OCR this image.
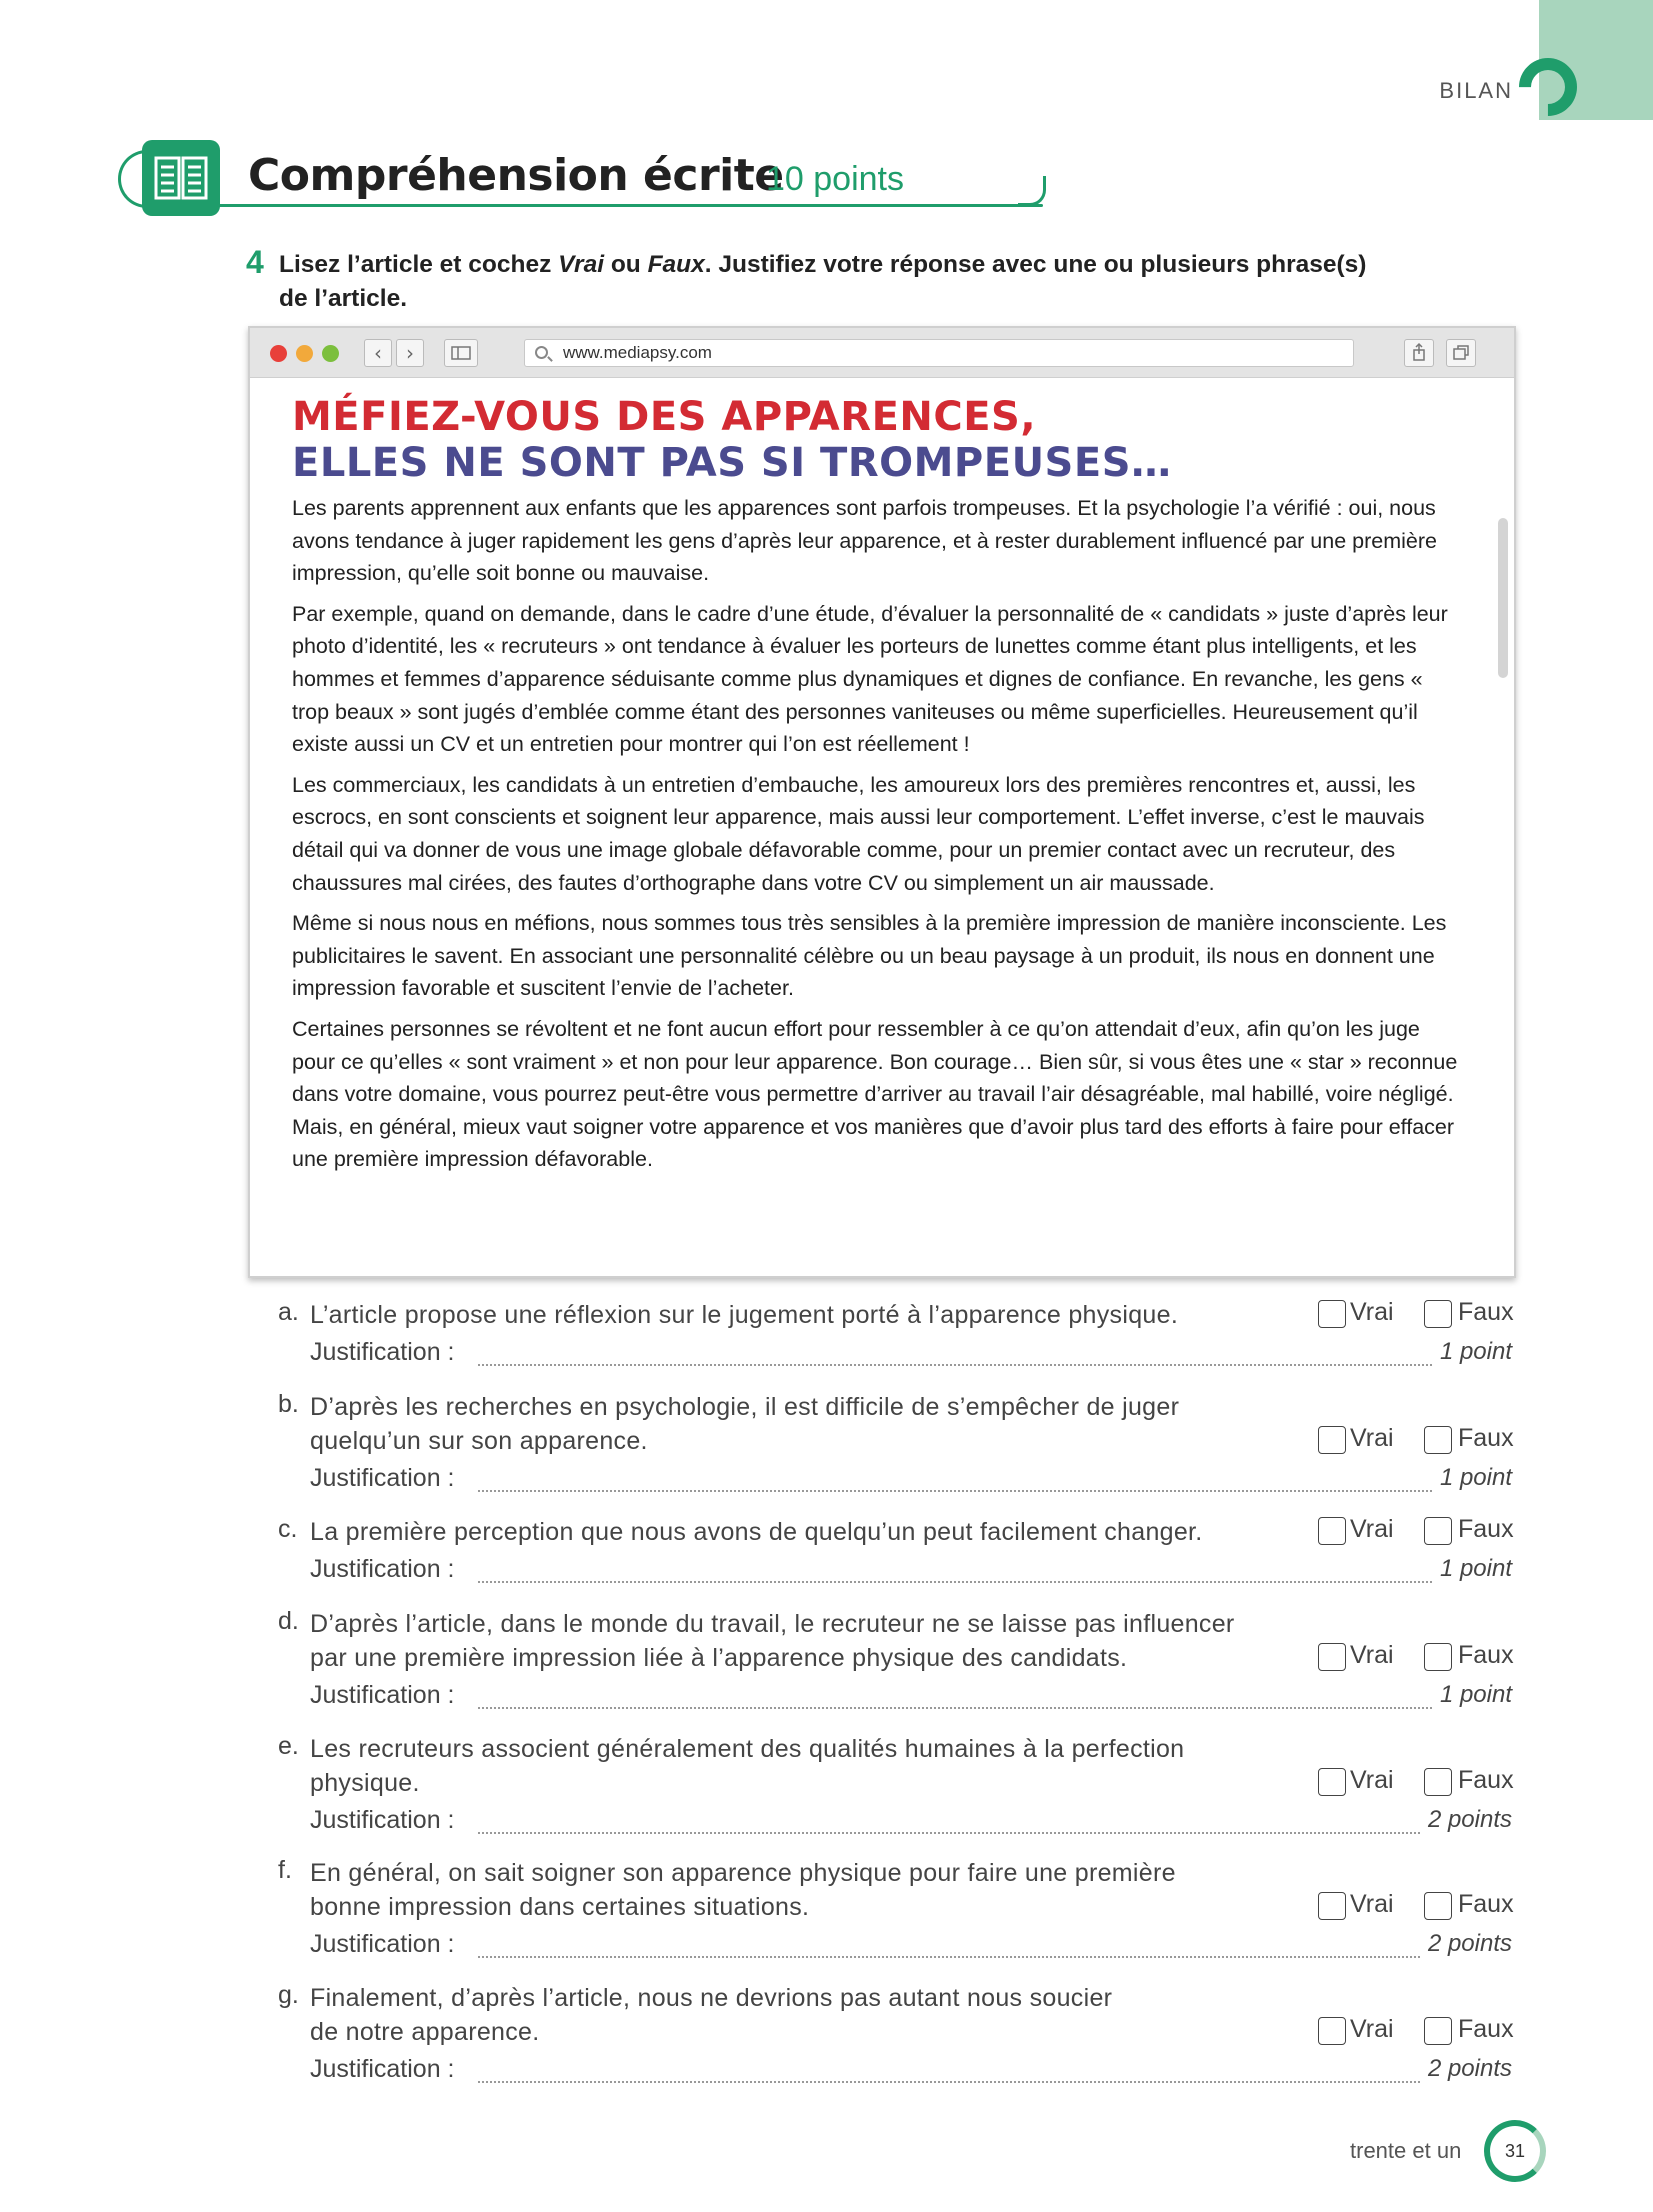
BILAN
Compréhension écrite
10 points
4 Lisez l’article et cochez Vrai ou Faux. Justifiez votre réponse avec une ou plusieurs phrase(s)
de l’article.
‹	›	www.mediapsy.com
MÉFIEZ-VOUS DES APPARENCES,
ELLES NE SONT PAS SI TROMPEUSES…

Les parents apprennent aux enfants que les apparences sont parfois trompeuses. Et la psychologie l’a vérifié : oui, nous avons tendance à juger rapidement les gens d’après leur apparence, et à rester durablement influencé par une première impression, qu’elle soit bonne ou mauvaise.

Par exemple, quand on demande, dans le cadre d’une étude, d’évaluer la personnalité de « candidats » juste d’après leur photo d’identité, les « recruteurs » ont tendance à évaluer les porteurs de lunettes comme étant plus intelligents, et les hommes et femmes d’apparence séduisante comme plus dynamiques et dignes de confiance. En revanche, les gens « trop beaux » sont jugés d’emblée comme étant des personnes vaniteuses ou même superficielles. Heureusement qu’il existe aussi un CV et un entretien pour montrer qui l’on est réellement !

Les commerciaux, les candidats à un entretien d’embauche, les amoureux lors des premières rencontres et, aussi, les escrocs, en sont conscients et soignent leur apparence, mais aussi leur comportement. L’effet inverse, c’est le mauvais détail qui va donner de vous une image globale défavorable comme, pour un premier contact avec un recruteur, des chaussures mal cirées, des fautes d’orthographe dans votre CV ou simplement un air maussade.

Même si nous nous en méfions, nous sommes tous très sensibles à la première impression de manière inconsciente. Les publicitaires le savent. En associant une personnalité célèbre ou un beau paysage à un produit, ils nous en donnent une impression favorable et suscitent l’envie de l’acheter.

Certaines personnes se révoltent et ne font aucun effort pour ressembler à ce qu’on attendait d’eux, afin qu’on les juge pour ce qu’elles « sont vraiment » et non pour leur apparence. Bon courage… Bien sûr, si vous êtes une « star » reconnue dans votre domaine, vous pourrez peut-être vous permettre d’arriver au travail l’air désagréable, mal habillé, voire négligé. Mais, en général, mieux vaut soigner votre apparence et vos manières que d’avoir plus tard des efforts à faire pour effacer une première impression défavorable.

a. L’article propose une réflexion sur le jugement porté à l’apparence physique.	Vrai	Faux
Justification :	1 point
b. D’après les recherches en psychologie, il est difficile de s’empêcher de juger
quelqu’un sur son apparence.	Vrai	Faux
Justification :	1 point
c. La première perception que nous avons de quelqu’un peut facilement changer.	Vrai	Faux
Justification :	1 point
d. D’après l’article, dans le monde du travail, le recruteur ne se laisse pas influencer
par une première impression liée à l’apparence physique des candidats.	Vrai	Faux
Justification :	1 point
e. Les recruteurs associent généralement des qualités humaines à la perfection
physique.	Vrai	Faux
Justification :	2 points
f. En général, on sait soigner son apparence physique pour faire une première
bonne impression dans certaines situations.	Vrai	Faux
Justification :	2 points
g. Finalement, d’après l’article, nous ne devrions pas autant nous soucier
de notre apparence.	Vrai	Faux
Justification :	2 points
trente et un 31
